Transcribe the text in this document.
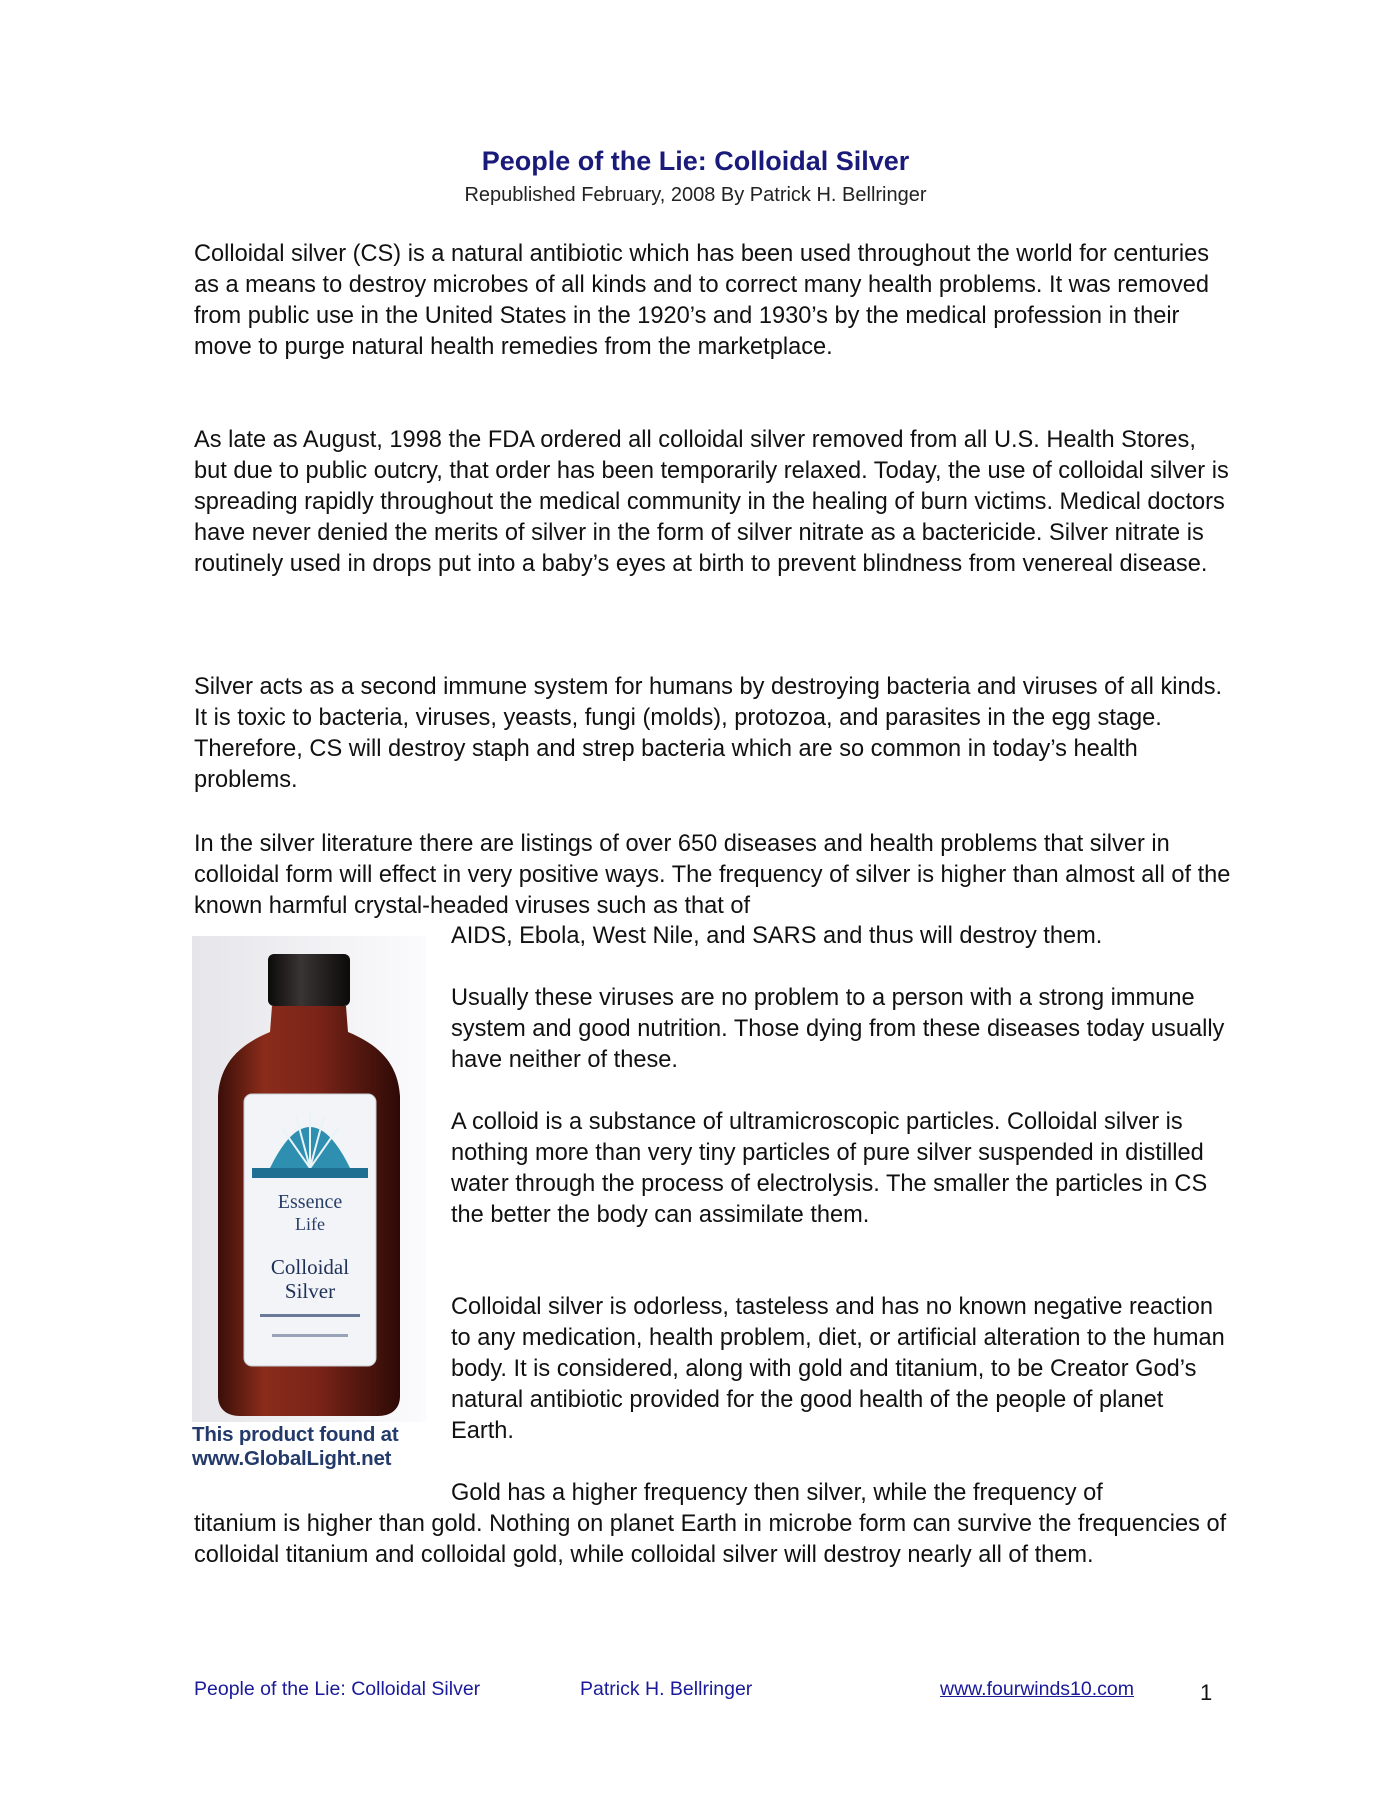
People of the Lie: Colloidal Silver
Republished February, 2008 By Patrick H. Bellringer

Colloidal silver (CS) is a natural antibiotic which has been used throughout the world for centuries as a means to destroy microbes of all kinds and to correct many health problems. It was removed from public use in the United States in the 1920’s and 1930’s by the medical profession in their move to purge natural health remedies from the marketplace.

As late as August, 1998 the FDA ordered all colloidal silver removed from all U.S. Health Stores, but due to public outcry, that order has been temporarily relaxed. Today, the use of colloidal silver is spreading rapidly throughout the medical community in the healing of burn victims. Medical doctors have never denied the merits of silver in the form of silver nitrate as a bactericide. Silver nitrate is routinely used in drops put into a baby’s eyes at birth to prevent blindness from venereal disease.

Silver acts as a second immune system for humans by destroying bacteria and viruses of all kinds. It is toxic to bacteria, viruses, yeasts, fungi (molds), protozoa, and parasites in the egg stage. Therefore, CS will destroy staph and strep bacteria which are so common in today’s health problems.

In the silver literature there are listings of over 650 diseases and health problems that silver in colloidal form will effect in very positive ways. The frequency of silver is higher than almost all of the known harmful crystal-headed viruses such as that of

AIDS, Ebola, West Nile, and SARS and thus will destroy them.

Essence
Life
Colloidal
Silver
This product found at
www.GlobalLight.net

Usually these viruses are no problem to a person with a strong immune system and good nutrition. Those dying from these diseases today usually have neither of these.

A colloid is a substance of ultramicroscopic particles. Colloidal silver is nothing more than very tiny particles of pure silver suspended in distilled water through the process of electrolysis. The smaller the particles in CS the better the body can assimilate them.

Colloidal silver is odorless, tasteless and has no known negative reaction to any medication, health problem, diet, or artificial alteration to the human body. It is considered, along with gold and titanium, to be Creator God’s natural antibiotic provided for the good health of the people of planet Earth.

Gold has a higher frequency then silver, while the frequency of

titanium is higher than gold. Nothing on planet Earth in microbe form can survive the frequencies of colloidal titanium and colloidal gold, while colloidal silver will destroy nearly all of them.

People of the Lie: Colloidal Silver	Patrick H. Bellringer	www.fourwinds10.com	1
